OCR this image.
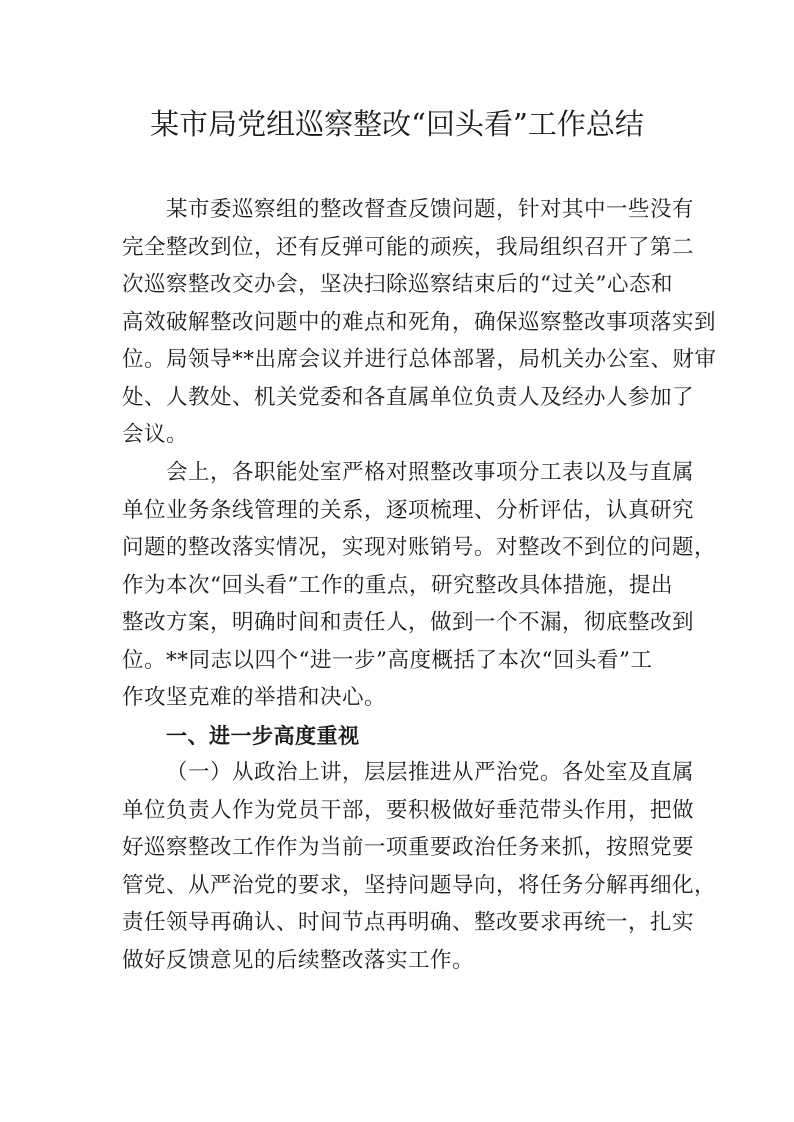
某市局党组巡察整改“回头看”工作总结
某市委巡察组的整改督查反馈问题，针对其中一些没有
完全整改到位，还有反弹可能的顽疾，我局组织召开了第二
次巡察整改交办会，坚决扫除巡察结束后的“过关”心态和
高效破解整改问题中的难点和死角，确保巡察整改事项落实到
位。局领导**出席会议并进行总体部署，局机关办公室、财审
处、人教处、机关党委和各直属单位负责人及经办人参加了
会议。
会上，各职能处室严格对照整改事项分工表以及与直属
单位业务条线管理的关系，逐项梳理、分析评估，认真研究
问题的整改落实情况，实现对账销号。对整改不到位的问题，
作为本次“回头看”工作的重点，研究整改具体措施，提出
整改方案，明确时间和责任人，做到一个不漏，彻底整改到
位。**同志以四个“进一步”高度概括了本次“回头看”工
作攻坚克难的举措和决心。
一、进一步高度重视
（一）从政治上讲，层层推进从严治党。各处室及直属
单位负责人作为党员干部，要积极做好垂范带头作用，把做
好巡察整改工作作为当前一项重要政治任务来抓，按照党要
管党、从严治党的要求，坚持问题导向，将任务分解再细化，
责任领导再确认、时间节点再明确、整改要求再统一，扎实
做好反馈意见的后续整改落实工作。
